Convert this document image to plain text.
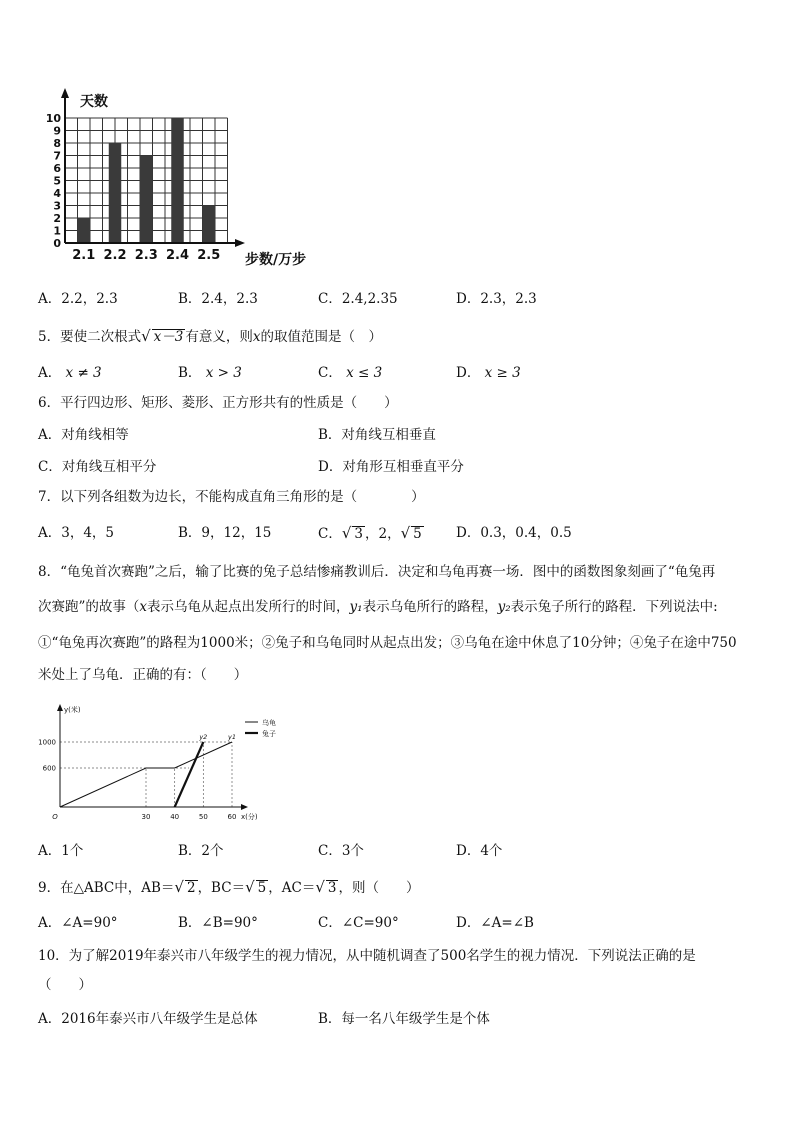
0
1
2
3
4
5
6
7
8
9
10
2.1 2.2 2.3 2.4 2.5
天数
步数/万步
A．2.2，2.3	B．2.4，2.3	C．2.4,2.35	D．2.3，2.3
5．要使二次根式√ x－3 有意义，则x的取值范围是（　）
A． x ≠ 3	B． x > 3	C． x ≤ 3	D． x ≥ 3
6．平行四边形、矩形、菱形、正方形共有的性质是（　　）
A．对角线相等	B．对角线互相垂直
C．对角线互相平分	D．对角形互相垂直平分
7．以下列各组数为边长，不能构成直角三角形的是（　　　　）
A．3，4，5	B．9，12，15	C．√ 3 ，2，√ 5	D．0.3，0.4，0.5
8．“龟兔首次赛跑”之后，输了比赛的兔子总结惨痛教训后．决定和乌龟再赛一场．图中的函数图象刻画了“龟兔再
次赛跑”的故事（x表示乌龟从起点出发所行的时间，y₁表示乌龟所行的路程，y₂表示兔子所行的路程．下列说法中:
①“龟兔再次赛跑”的路程为1000米；②兔子和乌龟同时从起点出发；③乌龟在途中休息了10分钟；④兔子在途中750
米处上了乌龟．正确的有：（　　）
600
1000
O	30	40	50	60
y1
y2
y(米)
x(分)
乌龟
兔子
A．1个	B．2个	C．3个	D．4个
9．在△ABC中，AB＝√ 2 ，BC＝√ 5 ，AC＝√ 3 ，则（　　）
A．∠A=90°	B．∠B=90°	C．∠C=90°	D．∠A=∠B
10．为了解2019年泰兴市八年级学生的视力情况，从中随机调查了500名学生的视力情况．下列说法正确的是
（　　）
A．2016年泰兴市八年级学生是总体	B．每一名八年级学生是个体
